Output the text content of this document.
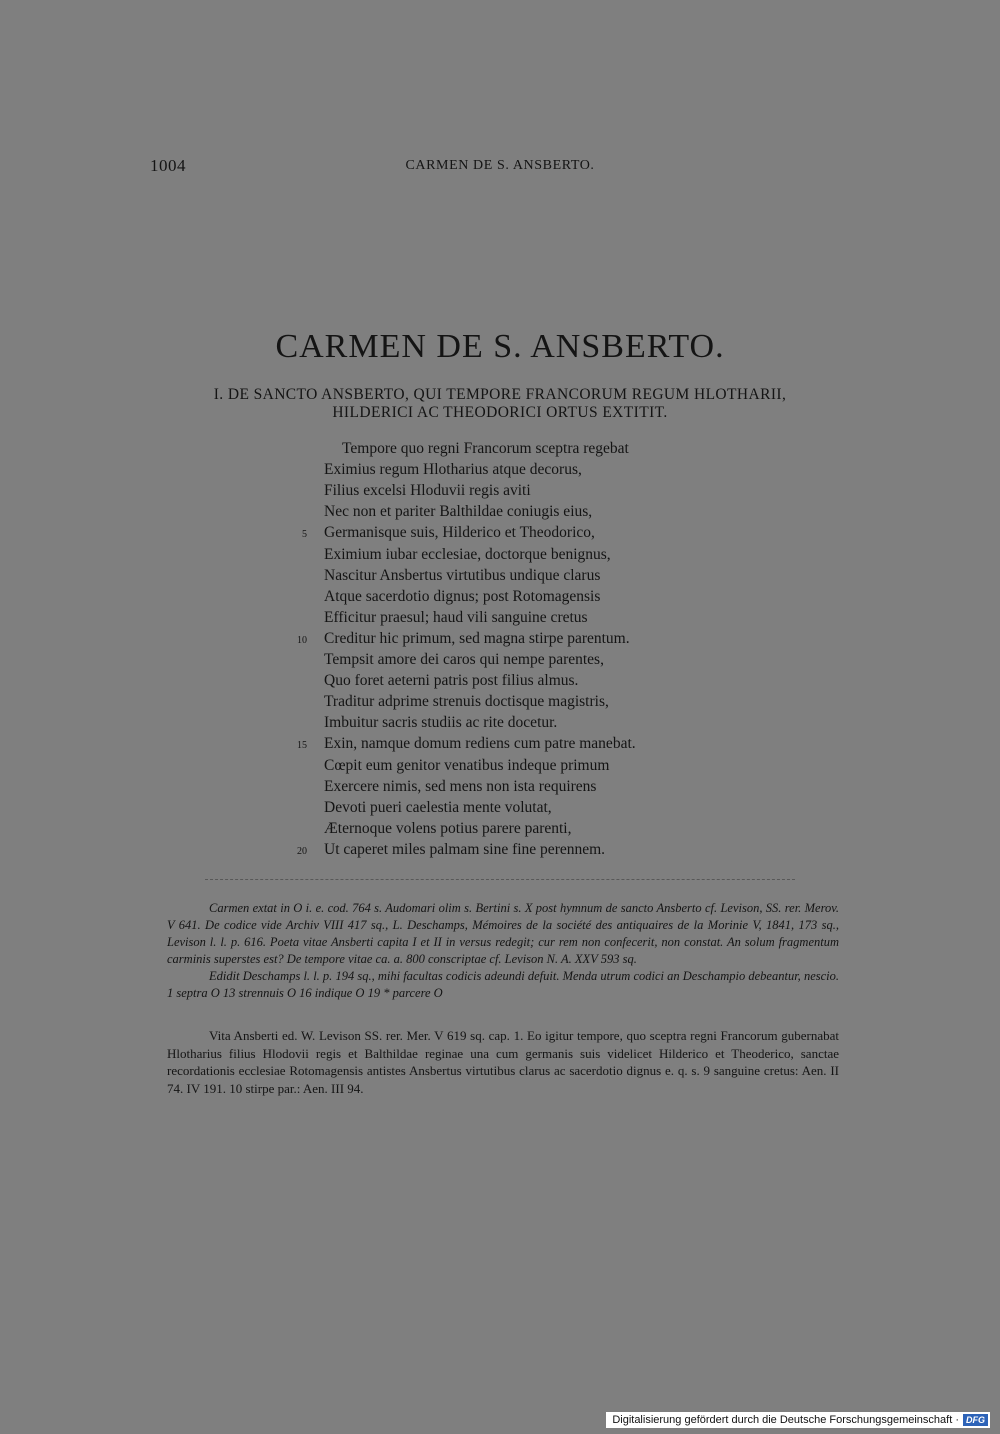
1004	CARMEN DE S. ANSBERTO.
CARMEN DE S. ANSBERTO.
I. DE SANCTO ANSBERTO, QUI TEMPORE FRANCORUM REGUM HLOTHARII,
HILDERICI AC THEODORICI ORTUS EXTITIT.
Tempore quo regni Francorum sceptra regebat
Eximius regum Hlotharius atque decorus,
Filius excelsi Hloduvii regis aviti
Nec non et pariter Balthildae coniugis eius,
5 Germanisque suis, Hilderico et Theodorico,
Eximium iubar ecclesiae, doctorque benignus,
Nascitur Ansbertus virtutibus undique clarus
Atque sacerdotio dignus; post Rotomagensis
Efficitur praesul; haud vili sanguine cretus
10 Creditur hic primum, sed magna stirpe parentum.
Tempsit amore dei caros qui nempe parentes,
Quo foret aeterni patris post filius almus.
Traditur adprime strenuis doctisque magistris,
Imbuitur sacris studiis ac rite docetur.
15 Exin, namque domum rediens cum patre manebat.
Cœpit eum genitor venatibus indeque primum
Exercere nimis, sed mens non ista requirens
Devoti pueri caelestia mente volutat,
Æternoque volens potius parere parenti,
20 Ut caperet miles palmam sine fine perennem.

Carmen extat in O i. e. cod. 764 s. Audomari olim s. Bertini s. X post hymnum de sancto Ansberto cf. Levison, SS. rer. Merov. V 641. De codice vide Archiv VIII 417 sq., L. Deschamps, Mémoires de la société des antiquaires de la Morinie V, 1841, 173 sq., Levison l. l. p. 616. Poeta vitae Ansberti capita I et II in versus redegit; cur rem non confecerit, non constat. An solum fragmentum carminis superstes est? De tempore vitae ca. a. 800 conscriptae cf. Levison N. A. XXV 593 sq.

Edidit Deschamps l. l. p. 194 sq., mihi facultas codicis adeundi defuit. Menda utrum codici an Deschampio debeantur, nescio. 1 septra O 13 strennuis O 16 indique O 19 * parcere O

Vita Ansberti ed. W. Levison SS. rer. Mer. V 619 sq. cap. 1. Eo igitur tempore, quo sceptra regni Francorum gubernabat Hlotharius filius Hlodovii regis et Balthildae reginae una cum germanis suis videlicet Hilderico et Theoderico, sanctae recordationis ecclesiae Rotomagensis antistes Ansbertus virtutibus clarus ac sacerdotio dignus e. q. s. 9 sanguine cretus: Aen. II 74. IV 191. 10 stirpe par.: Aen. III 94.

Digitalisierung gefördert durch die Deutsche Forschungsgemeinschaft · DFG
